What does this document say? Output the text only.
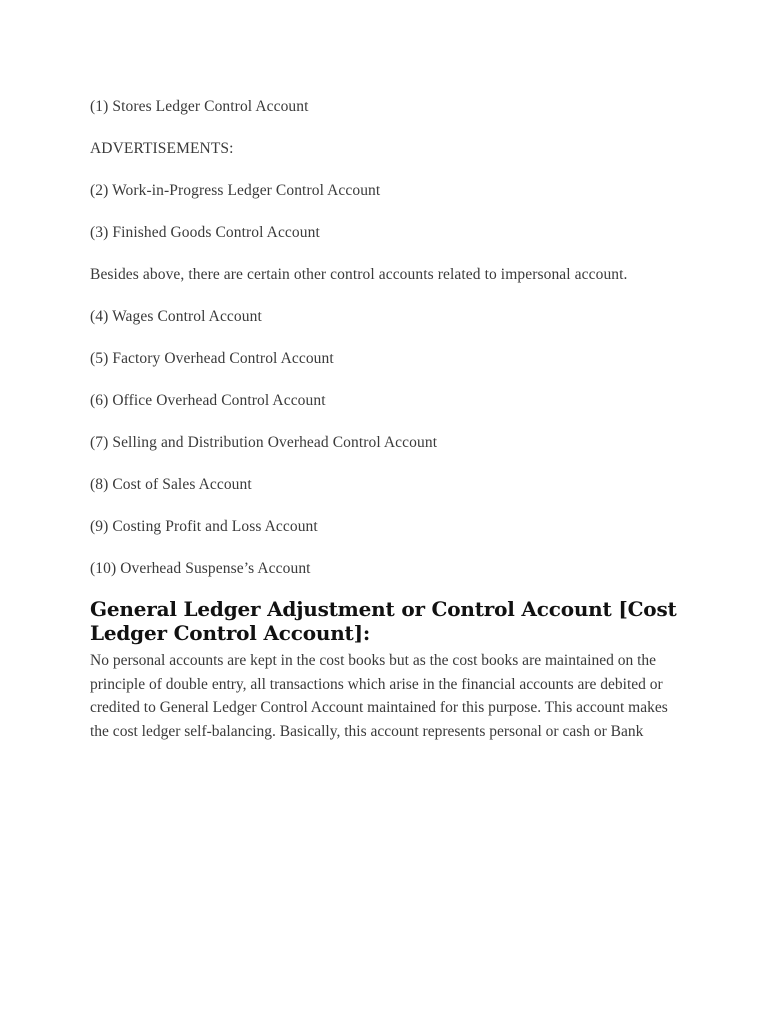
(1) Stores Ledger Control Account

ADVERTISEMENTS:

(2) Work-in-Progress Ledger Control Account

(3) Finished Goods Control Account

Besides above, there are certain other control accounts related to impersonal account.

(4) Wages Control Account

(5) Factory Overhead Control Account

(6) Office Overhead Control Account

(7) Selling and Distribution Overhead Control Account

(8) Cost of Sales Account

(9) Costing Profit and Loss Account

(10) Overhead Suspense’s Account

General Ledger Adjustment or Control Account [Cost Ledger Control Account]:

No personal accounts are kept in the cost books but as the cost books are maintained on the principle of double entry, all transactions which arise in the financial accounts are debited or credited to General Ledger Control Account maintained for this purpose. This account makes the cost ledger self-balancing. Basically, this account represents personal or cash or Bank
